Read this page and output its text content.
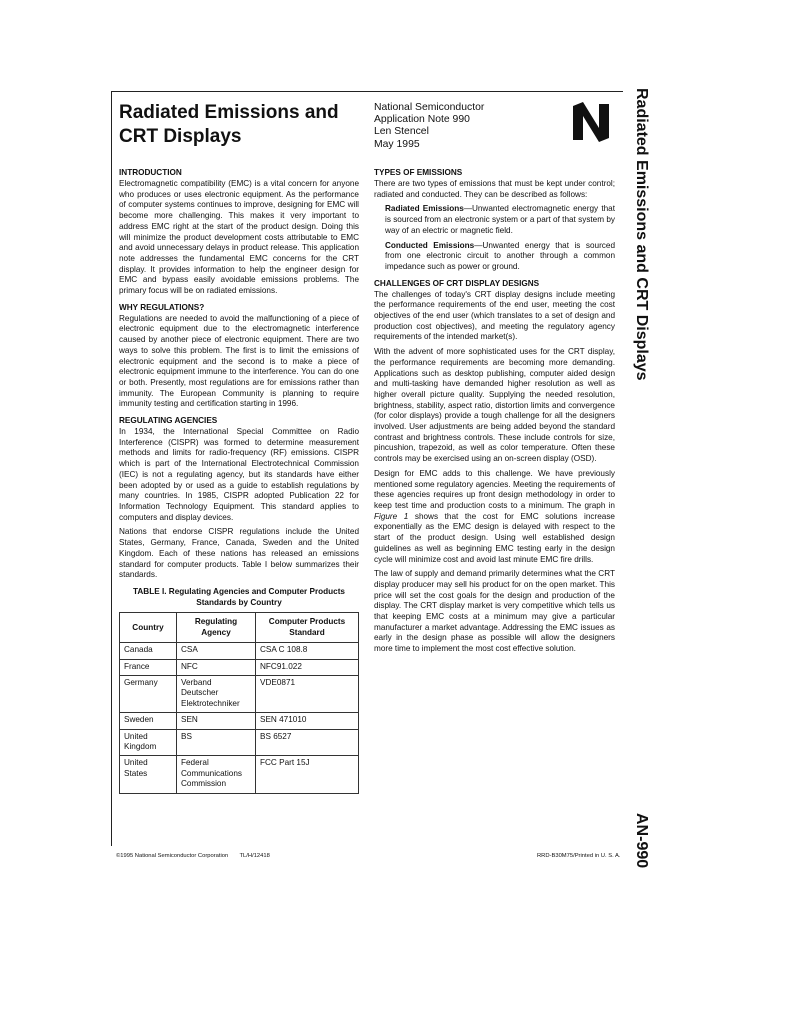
Radiated Emissions and
CRT Displays
National Semiconductor
Application Note 990
Len Stencel
May 1995	Radiated Emissions and CRT Displays
AN-990
INTRODUCTION

Electromagnetic compatibility (EMC) is a vital concern for anyone who produces or uses electronic equipment. As the performance of computer systems continues to improve, designing for EMC will become more challenging. This makes it very important to address EMC right at the start of the product design. Doing this will minimize the product development costs attributable to EMC and avoid unnecessary delays in product release. This application note addresses the fundamental EMC concerns for the CRT display. It provides information to help the engineer design for EMC and bypass easily avoidable emissions problems. The primary focus will be on radiated emissions.

WHY REGULATIONS?

Regulations are needed to avoid the malfunctioning of a piece of electronic equipment due to the electromagnetic interference caused by another piece of electronic equipment. There are two ways to solve this problem. The first is to limit the emissions of electronic equipment and the second is to make a piece of electronic equipment immune to the interference. You can do one or both. Presently, most regulations are for emissions rather than immunity. The European Community is planning to require immunity testing and certification starting in 1996.

REGULATING AGENCIES

In 1934, the International Special Committee on Radio Interference (CISPR) was formed to determine measurement methods and limits for radio-frequency (RF) emissions. CISPR which is part of the International Electrotechnical Commission (IEC) is not a regulating agency, but its standards have either been adopted by or used as a guide to establish regulations by many countries. In 1985, CISPR adopted Publication 22 for Information Technology Equipment. This standard applies to computers and display devices.

Nations that endorse CISPR regulations include the United States, Germany, France, Canada, Sweden and the United Kingdom. Each of these nations has released an emissions standard for computer products. Table I below summarizes their standards.

TABLE I. Regulating Agencies and Computer Products Standards by Country
Country	Regulating Agency	Computer Products Standard
Canada	CSA	CSA C 108.8
France	NFC	NFC91.022
Germany	Verband Deutscher Elektrotechniker	VDE0871
Sweden	SEN	SEN 471010
United Kingdom	BS	BS 6527
United States	Federal Communications Commission	FCC Part 15J
TYPES OF EMISSIONS

There are two types of emissions that must be kept under control; radiated and conducted. They can be described as follows:

Radiated Emissions—Unwanted electromagnetic energy that is sourced from an electronic system or a part of that system by way of an electric or magnetic field.

Conducted Emissions—Unwanted energy that is sourced from one electronic circuit to another through a common impedance such as power or ground.

CHALLENGES OF CRT DISPLAY DESIGNS

The challenges of today's CRT display designs include meeting the performance requirements of the end user, meeting the cost objectives of the end user (which translates to a set of design and production cost objectives), and meeting the regulatory agency requirements of the intended market(s).

With the advent of more sophisticated uses for the CRT display, the performance requirements are becoming more demanding. Applications such as desktop publishing, computer aided design and multi-tasking have demanded higher resolution as well as higher overall picture quality. Supplying the needed resolution, brightness, stability, aspect ratio, distortion limits and convergence (for color displays) provide a tough challenge for all the designers involved. User adjustments are being added beyond the standard contrast and brightness controls. These include controls for size, pincushion, trapezoid, as well as color temperature. Often these controls may be exercised using an on-screen display (OSD).

Design for EMC adds to this challenge. We have previously mentioned some regulatory agencies. Meeting the requirements of these agencies requires up front design methodology in order to keep test time and production costs to a minimum. The graph in Figure 1 shows that the cost for EMC solutions increase exponentially as the EMC design is delayed with respect to the start of the product design. Using well established design guidelines as well as beginning EMC testing early in the design cycle will minimize cost and avoid last minute EMC fire drills.

The law of supply and demand primarily determines what the CRT display producer may sell his product for on the open market. This price will set the cost goals for the design and production of the display. The CRT display market is very competitive which tells us that keeping EMC costs at a minimum may give a particular manufacturer a market advantage. Addressing the EMC issues as early in the design phase as possible will allow the designers more time to implement the most cost effective solution.

©1995 National Semiconductor Corporation TL/H/12418	RRD-B30M75/Printed in U. S. A.
